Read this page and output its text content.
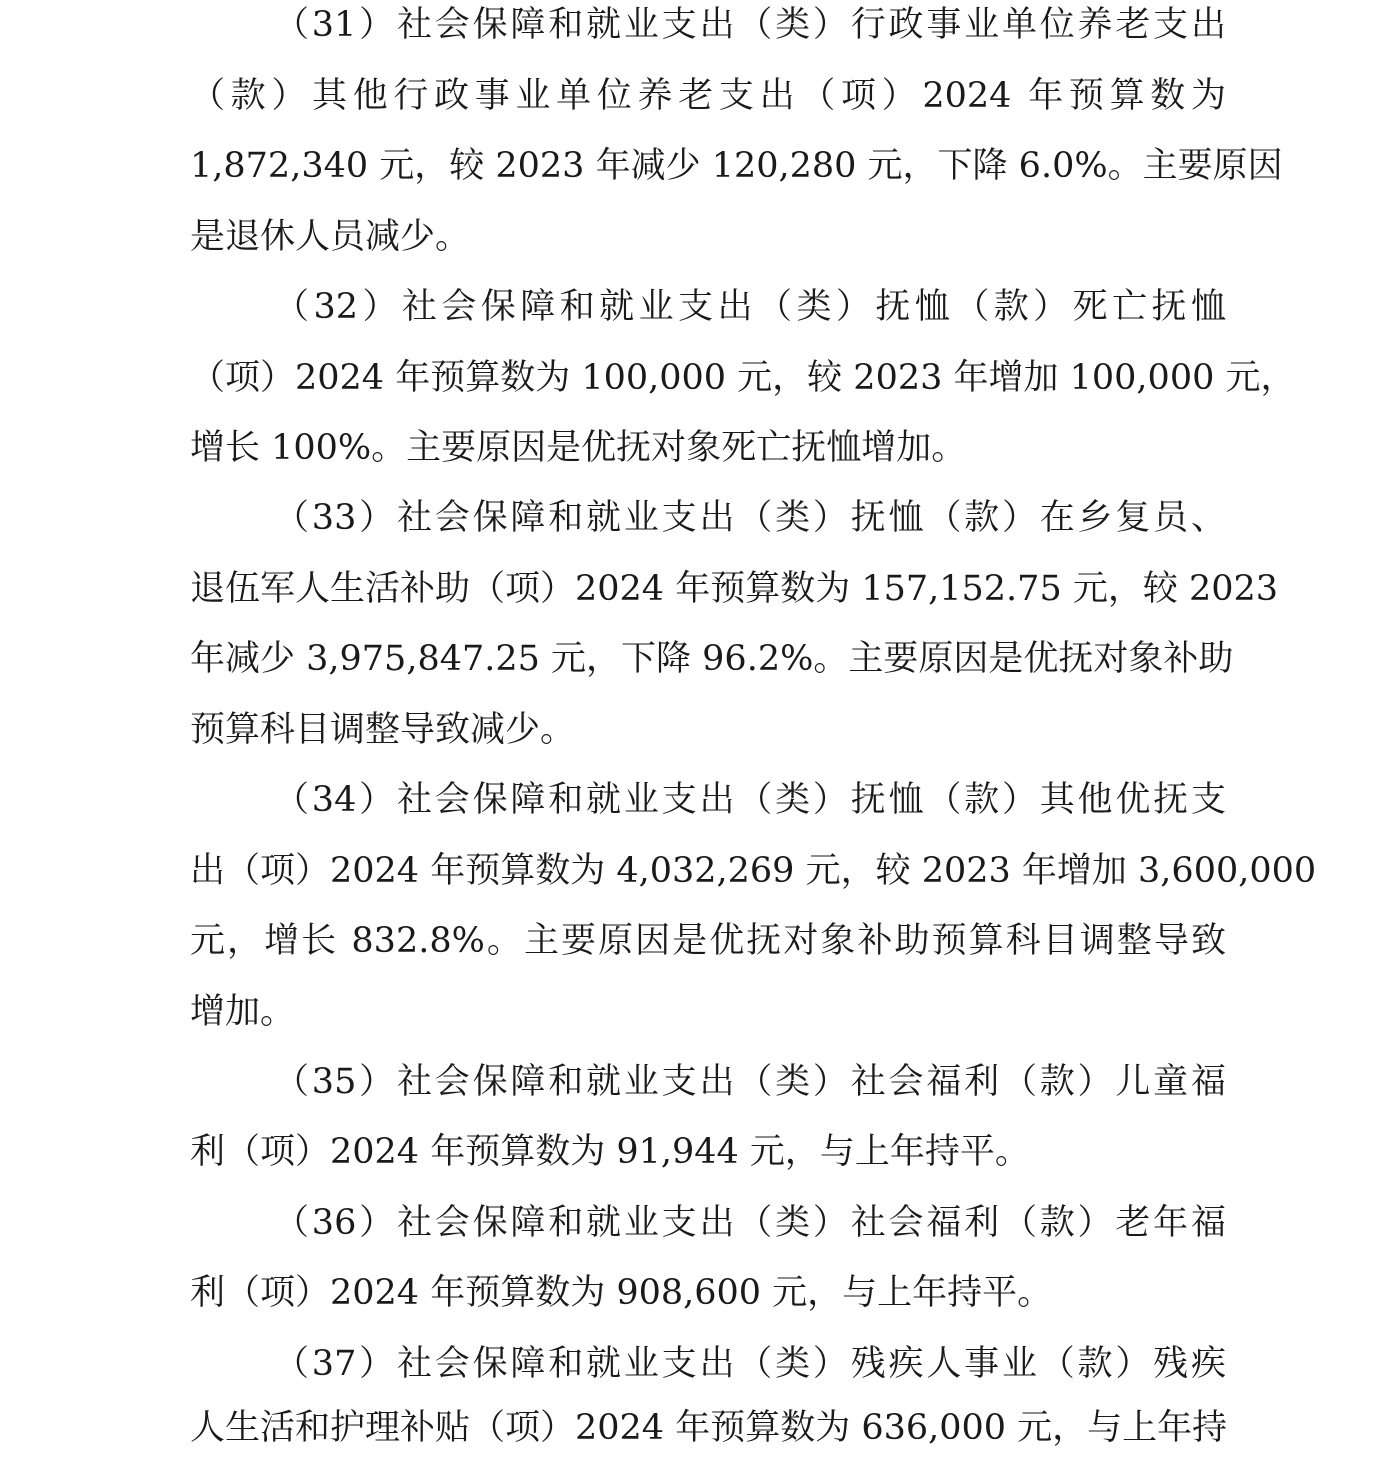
（31）社会保障和就业支出（类）行政事业单位养老支出
（款）其他行政事业单位养老支出（项）2024 年预算数为
1,872,340 元，较 2023 年减少 120,280 元，下降 6.0%。主要原因
是退休人员减少。
（32）社会保障和就业支出（类）抚恤（款）死亡抚恤
（项）2024 年预算数为 100,000 元，较 2023 年增加 100,000 元，
增长 100%。主要原因是优抚对象死亡抚恤增加。
（33）社会保障和就业支出（类）抚恤（款）在乡复员、
退伍军人生活补助（项）2024 年预算数为 157,152.75 元，较 2023
年减少 3,975,847.25 元，下降 96.2%。主要原因是优抚对象补助
预算科目调整导致减少。
（34）社会保障和就业支出（类）抚恤（款）其他优抚支
出（项）2024 年预算数为 4,032,269 元，较 2023 年增加 3,600,000
元，增长 832.8%。主要原因是优抚对象补助预算科目调整导致
增加。
（35）社会保障和就业支出（类）社会福利（款）儿童福
利（项）2024 年预算数为 91,944 元，与上年持平。
（36）社会保障和就业支出（类）社会福利（款）老年福
利（项）2024 年预算数为 908,600 元，与上年持平。
（37）社会保障和就业支出（类）残疾人事业（款）残疾
人生活和护理补贴（项）2024 年预算数为 636,000 元，与上年持
